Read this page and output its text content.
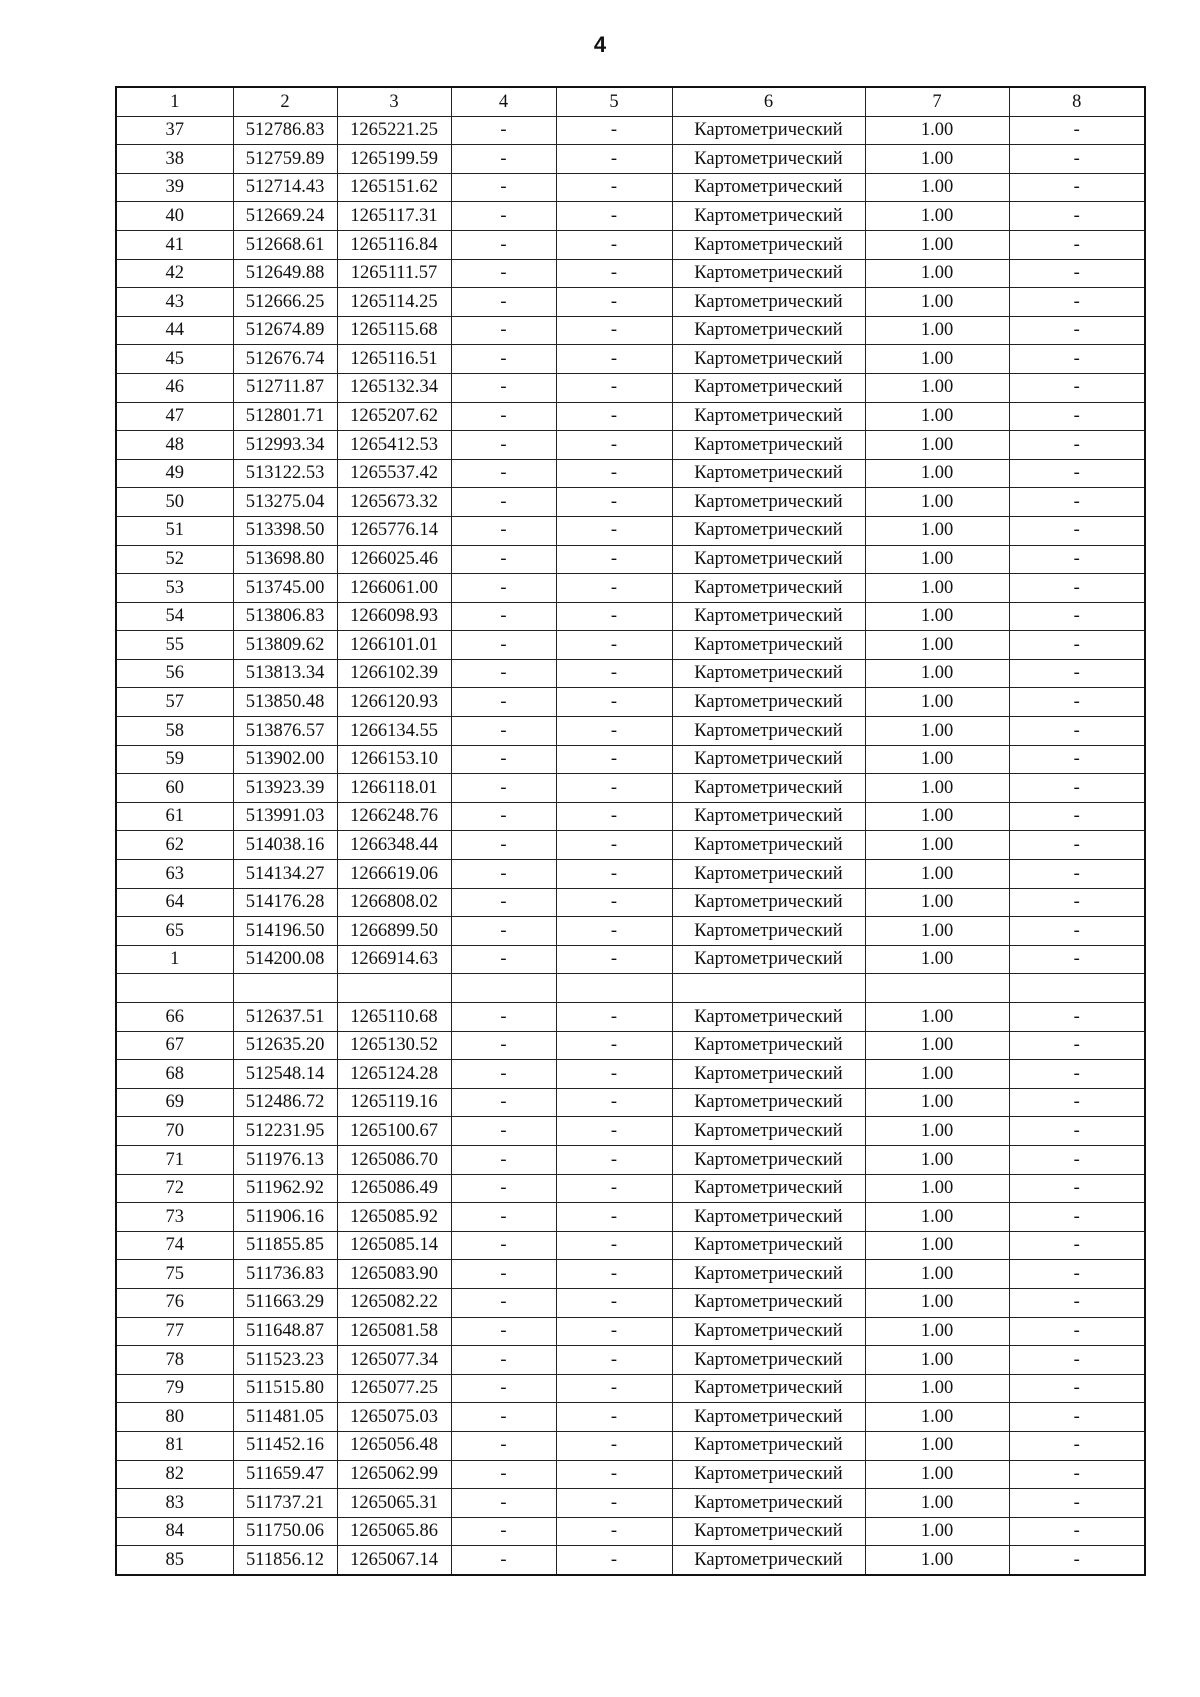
4
1	2	3	4	5	6	7	8
37	512786.83	1265221.25	-	-	Картометрический	1.00	-
38	512759.89	1265199.59	-	-	Картометрический	1.00	-
39	512714.43	1265151.62	-	-	Картометрический	1.00	-
40	512669.24	1265117.31	-	-	Картометрический	1.00	-
41	512668.61	1265116.84	-	-	Картометрический	1.00	-
42	512649.88	1265111.57	-	-	Картометрический	1.00	-
43	512666.25	1265114.25	-	-	Картометрический	1.00	-
44	512674.89	1265115.68	-	-	Картометрический	1.00	-
45	512676.74	1265116.51	-	-	Картометрический	1.00	-
46	512711.87	1265132.34	-	-	Картометрический	1.00	-
47	512801.71	1265207.62	-	-	Картометрический	1.00	-
48	512993.34	1265412.53	-	-	Картометрический	1.00	-
49	513122.53	1265537.42	-	-	Картометрический	1.00	-
50	513275.04	1265673.32	-	-	Картометрический	1.00	-
51	513398.50	1265776.14	-	-	Картометрический	1.00	-
52	513698.80	1266025.46	-	-	Картометрический	1.00	-
53	513745.00	1266061.00	-	-	Картометрический	1.00	-
54	513806.83	1266098.93	-	-	Картометрический	1.00	-
55	513809.62	1266101.01	-	-	Картометрический	1.00	-
56	513813.34	1266102.39	-	-	Картометрический	1.00	-
57	513850.48	1266120.93	-	-	Картометрический	1.00	-
58	513876.57	1266134.55	-	-	Картометрический	1.00	-
59	513902.00	1266153.10	-	-	Картометрический	1.00	-
60	513923.39	1266118.01	-	-	Картометрический	1.00	-
61	513991.03	1266248.76	-	-	Картометрический	1.00	-
62	514038.16	1266348.44	-	-	Картометрический	1.00	-
63	514134.27	1266619.06	-	-	Картометрический	1.00	-
64	514176.28	1266808.02	-	-	Картометрический	1.00	-
65	514196.50	1266899.50	-	-	Картометрический	1.00	-
1	514200.08	1266914.63	-	-	Картометрический	1.00	-

66	512637.51	1265110.68	-	-	Картометрический	1.00	-
67	512635.20	1265130.52	-	-	Картометрический	1.00	-
68	512548.14	1265124.28	-	-	Картометрический	1.00	-
69	512486.72	1265119.16	-	-	Картометрический	1.00	-
70	512231.95	1265100.67	-	-	Картометрический	1.00	-
71	511976.13	1265086.70	-	-	Картометрический	1.00	-
72	511962.92	1265086.49	-	-	Картометрический	1.00	-
73	511906.16	1265085.92	-	-	Картометрический	1.00	-
74	511855.85	1265085.14	-	-	Картометрический	1.00	-
75	511736.83	1265083.90	-	-	Картометрический	1.00	-
76	511663.29	1265082.22	-	-	Картометрический	1.00	-
77	511648.87	1265081.58	-	-	Картометрический	1.00	-
78	511523.23	1265077.34	-	-	Картометрический	1.00	-
79	511515.80	1265077.25	-	-	Картометрический	1.00	-
80	511481.05	1265075.03	-	-	Картометрический	1.00	-
81	511452.16	1265056.48	-	-	Картометрический	1.00	-
82	511659.47	1265062.99	-	-	Картометрический	1.00	-
83	511737.21	1265065.31	-	-	Картометрический	1.00	-
84	511750.06	1265065.86	-	-	Картометрический	1.00	-
85	511856.12	1265067.14	-	-	Картометрический	1.00	-
